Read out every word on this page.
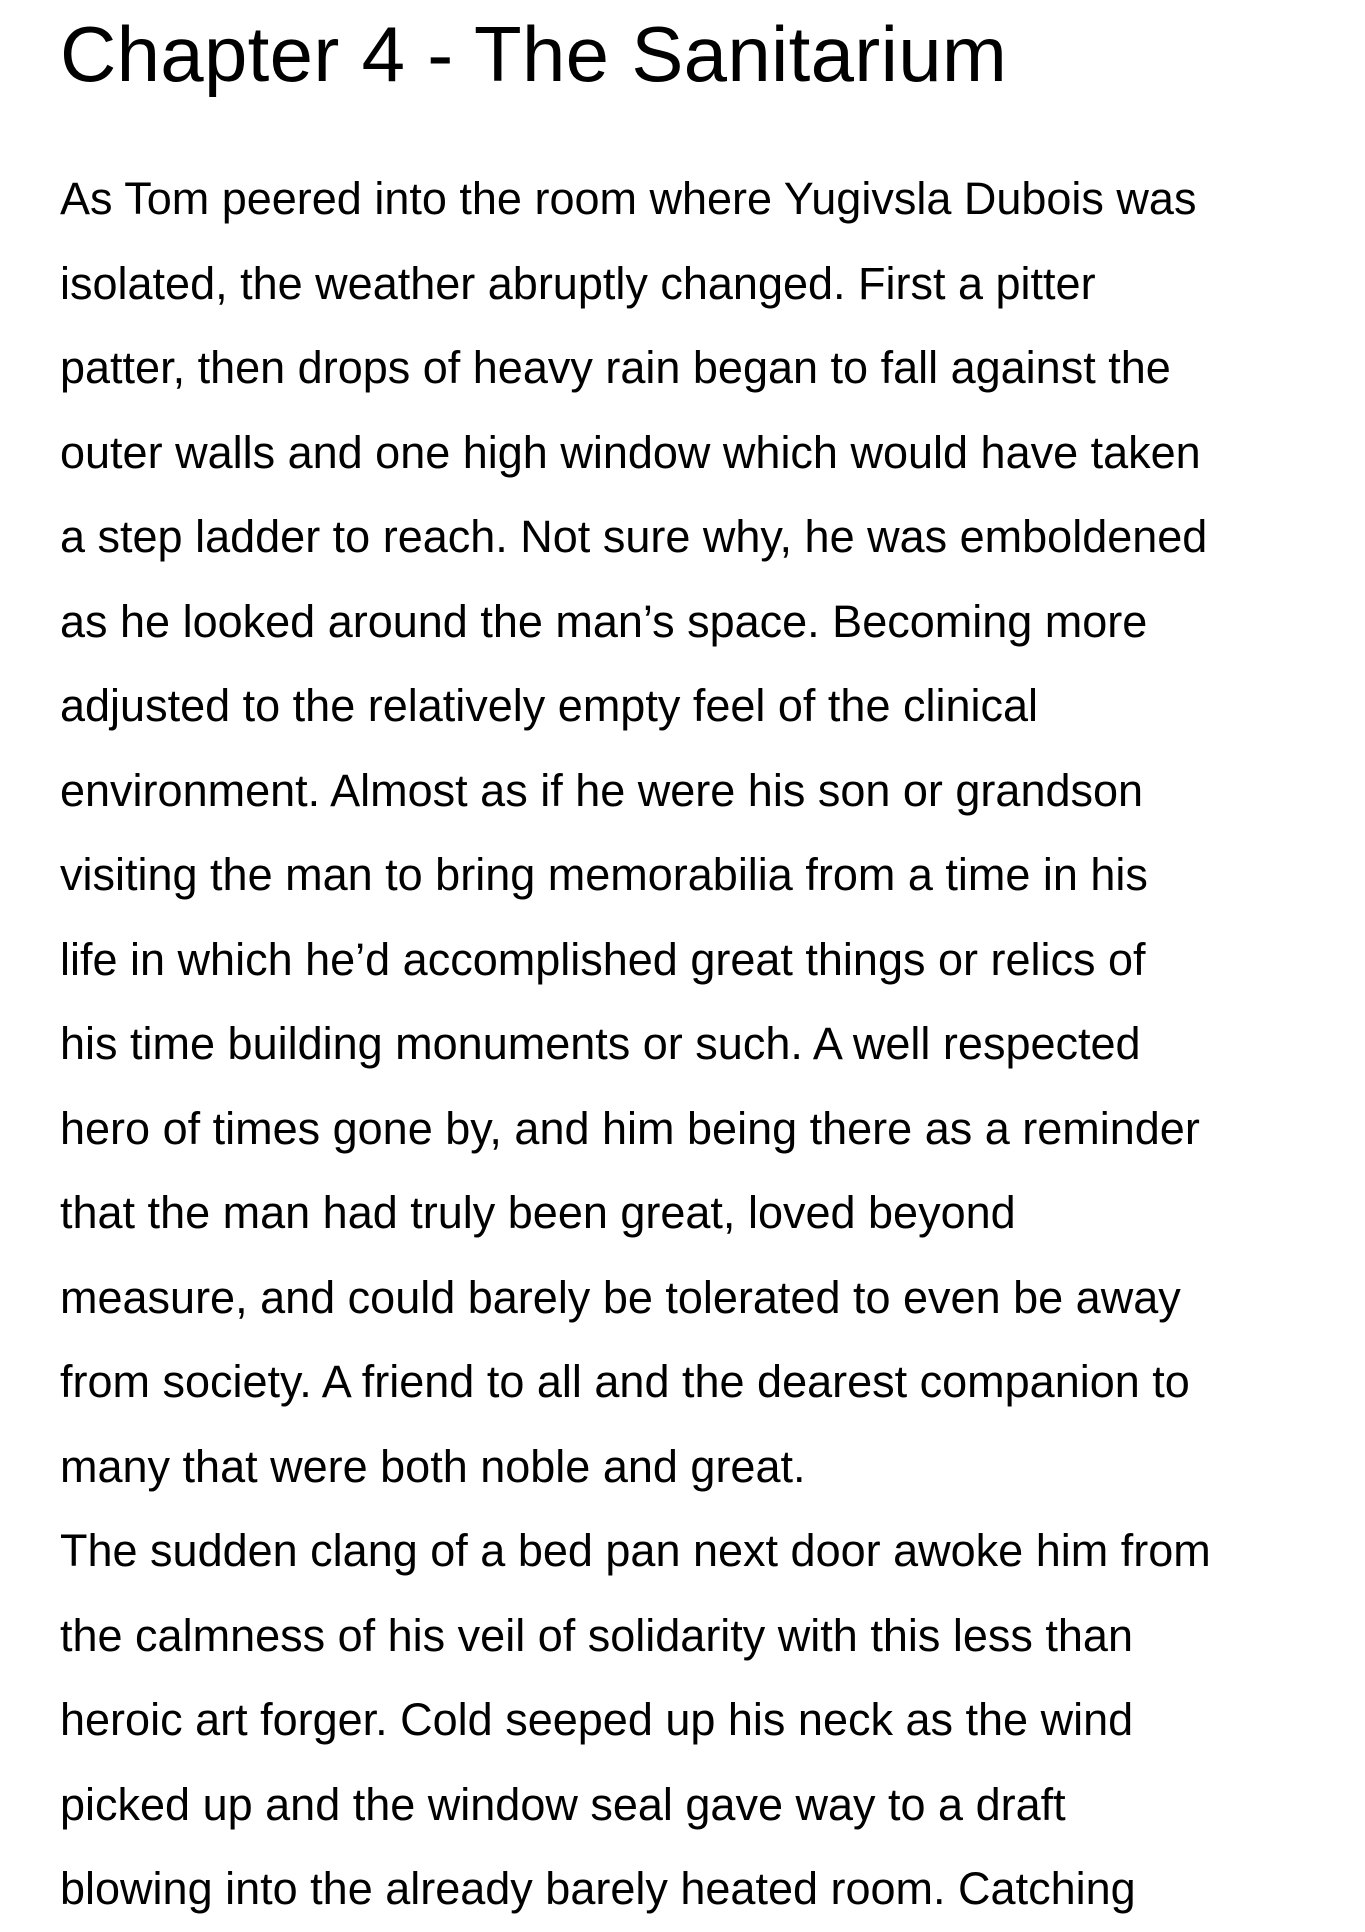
Chapter 4 - The Sanitarium
As Tom peered into the room where Yugivsla Dubois was
isolated, the weather abruptly changed. First a pitter
patter, then drops of heavy rain began to fall against the
outer walls and one high window which would have taken
a step ladder to reach. Not sure why, he was emboldened
as he looked around the man’s space. Becoming more
adjusted to the relatively empty feel of the clinical
environment. Almost as if he were his son or grandson
visiting the man to bring memorabilia from a time in his
life in which he’d accomplished great things or relics of
his time building monuments or such. A well respected
hero of times gone by, and him being there as a reminder
that the man had truly been great, loved beyond
measure, and could barely be tolerated to even be away
from society. A friend to all and the dearest companion to
many that were both noble and great.
The sudden clang of a bed pan next door awoke him from
the calmness of his veil of solidarity with this less than
heroic art forger. Cold seeped up his neck as the wind
picked up and the window seal gave way to a draft
blowing into the already barely heated room. Catching
